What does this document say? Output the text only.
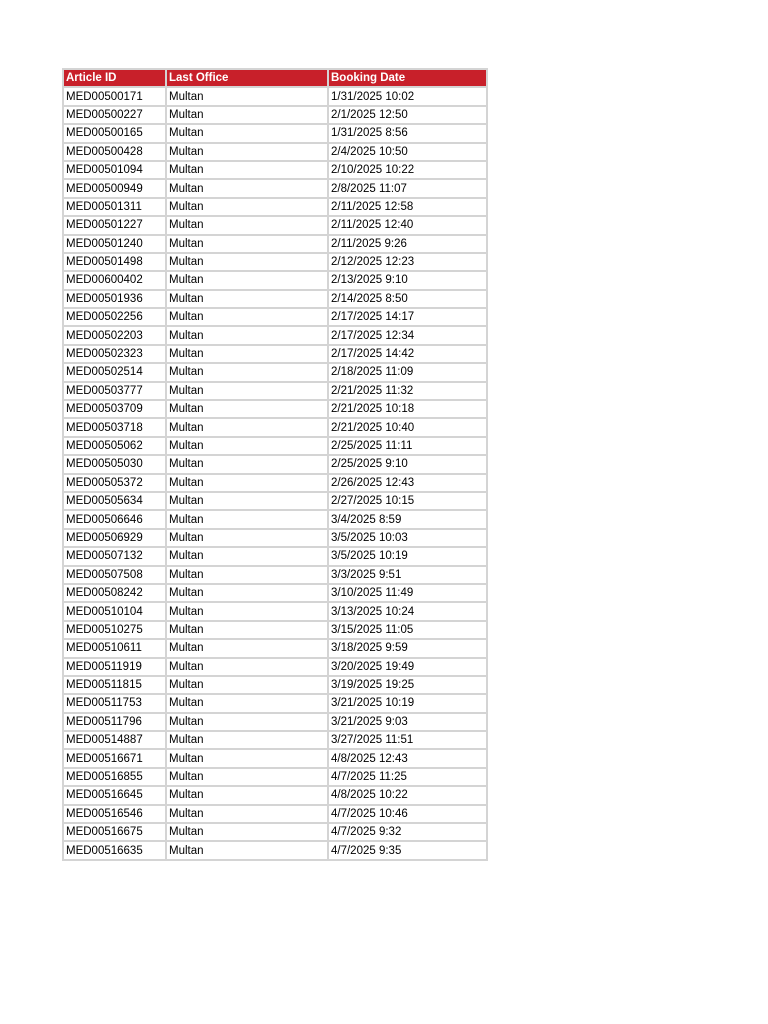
Article ID	Last Office	Booking Date
MED00500171	Multan	1/31/2025 10:02
MED00500227	Multan	2/1/2025 12:50
MED00500165	Multan	1/31/2025 8:56
MED00500428	Multan	2/4/2025 10:50
MED00501094	Multan	2/10/2025 10:22
MED00500949	Multan	2/8/2025 11:07
MED00501311	Multan	2/11/2025 12:58
MED00501227	Multan	2/11/2025 12:40
MED00501240	Multan	2/11/2025 9:26
MED00501498	Multan	2/12/2025 12:23
MED00600402	Multan	2/13/2025 9:10
MED00501936	Multan	2/14/2025 8:50
MED00502256	Multan	2/17/2025 14:17
MED00502203	Multan	2/17/2025 12:34
MED00502323	Multan	2/17/2025 14:42
MED00502514	Multan	2/18/2025 11:09
MED00503777	Multan	2/21/2025 11:32
MED00503709	Multan	2/21/2025 10:18
MED00503718	Multan	2/21/2025 10:40
MED00505062	Multan	2/25/2025 11:11
MED00505030	Multan	2/25/2025 9:10
MED00505372	Multan	2/26/2025 12:43
MED00505634	Multan	2/27/2025 10:15
MED00506646	Multan	3/4/2025 8:59
MED00506929	Multan	3/5/2025 10:03
MED00507132	Multan	3/5/2025 10:19
MED00507508	Multan	3/3/2025 9:51
MED00508242	Multan	3/10/2025 11:49
MED00510104	Multan	3/13/2025 10:24
MED00510275	Multan	3/15/2025 11:05
MED00510611	Multan	3/18/2025 9:59
MED00511919	Multan	3/20/2025 19:49
MED00511815	Multan	3/19/2025 19:25
MED00511753	Multan	3/21/2025 10:19
MED00511796	Multan	3/21/2025 9:03
MED00514887	Multan	3/27/2025 11:51
MED00516671	Multan	4/8/2025 12:43
MED00516855	Multan	4/7/2025 11:25
MED00516645	Multan	4/8/2025 10:22
MED00516546	Multan	4/7/2025 10:46
MED00516675	Multan	4/7/2025 9:32
MED00516635	Multan	4/7/2025 9:35
